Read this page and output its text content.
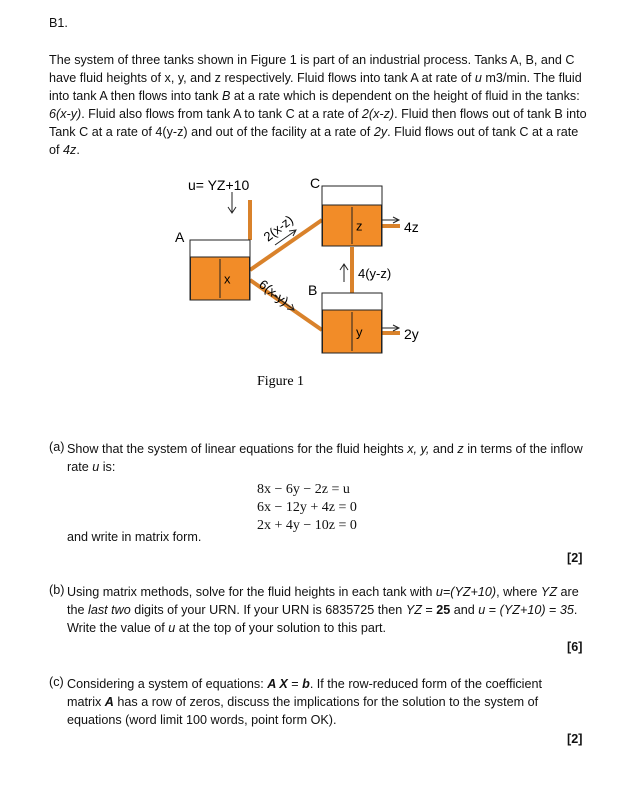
B1.
The system of three tanks shown in Figure 1 is part of an industrial process. Tanks A, B, and C have fluid heights of x, y, and z respectively. Fluid flows into tank A at rate of u m3/min. The fluid into tank A then flows into tank B at a rate which is dependent on the height of fluid in the tanks: 6(x-y). Fluid also flows from tank A to tank C at a rate of 2(x-z). Fluid then flows out of tank B into Tank C at a rate of 4(y-z) and out of the facility at a rate of 2y. Fluid flows out of tank C at a rate of 4z.
x
z
y
A
C
B
u= YZ+10
2(x-z)
6(x-y)
4(y-z)
4z
2y
Figure 1
(a) Show that the system of linear equations for the fluid heights x, y, and z in terms of the inflow rate u is:
8x − 6y − 2z = u
6x − 12y + 4z = 0
2x + 4y − 10z = 0
and write in matrix form.
[2]
(b) Using matrix methods, solve for the fluid heights in each tank with u=(YZ+10), where YZ are the last two digits of your URN. If your URN is 6835725 then YZ = 25 and u = (YZ+10) = 35. Write the value of u at the top of your solution to this part.
[6]
(c) Considering a system of equations: A X = b. If the row-reduced form of the coefficient matrix A has a row of zeros, discuss the implications for the solution to the system of equations (word limit 100 words, point form OK).
[2]
